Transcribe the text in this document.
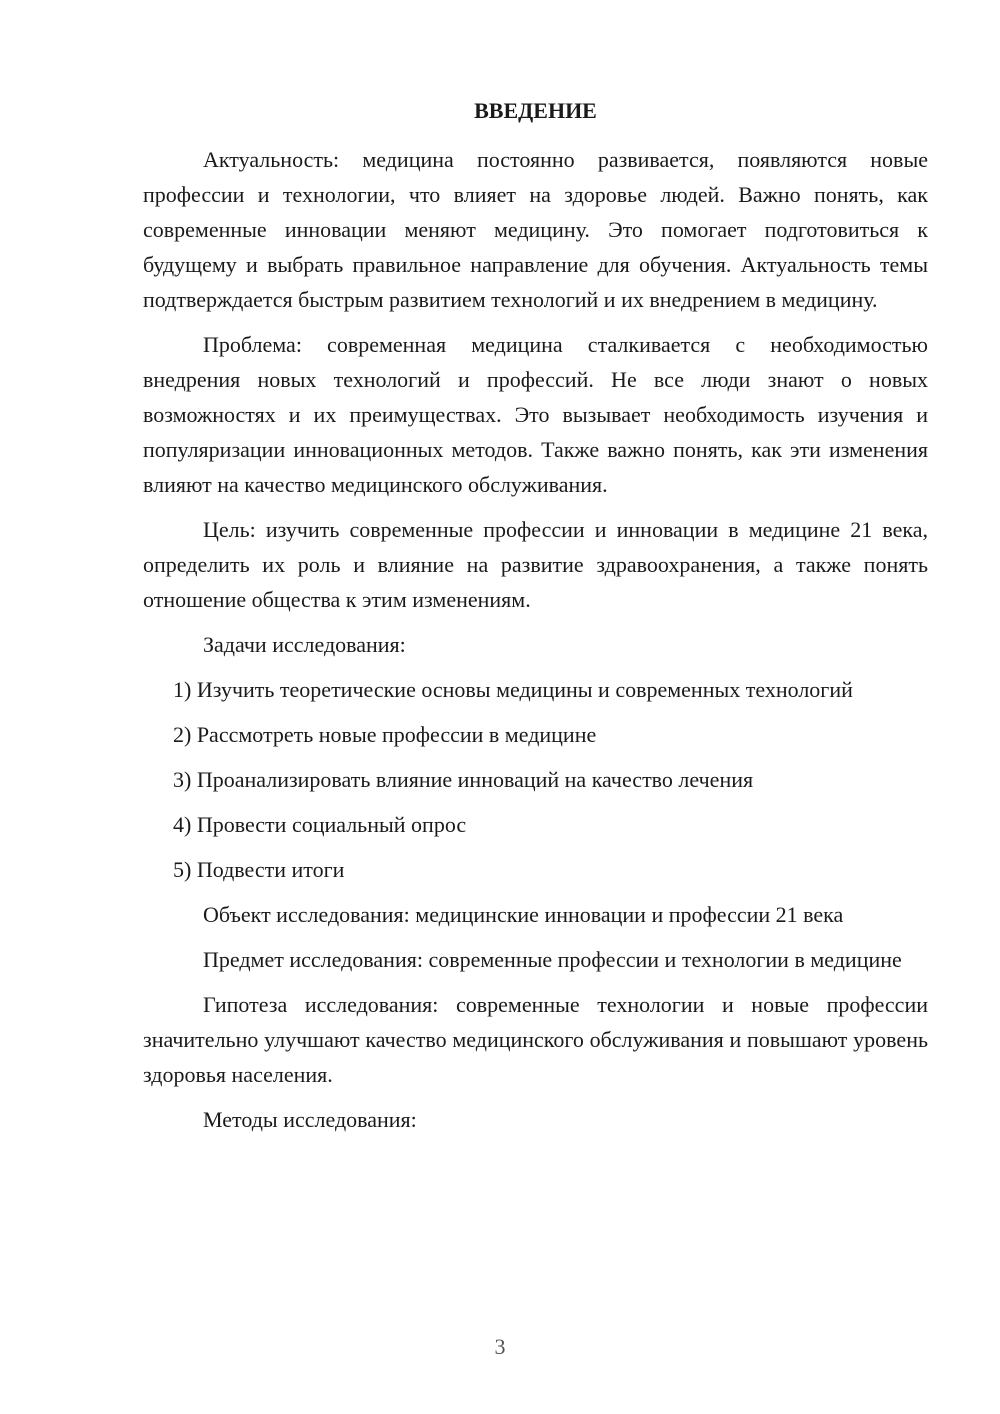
ВВЕДЕНИЕ

Актуальность: медицина постоянно развивается, появляются новые профессии и технологии, что влияет на здоровье людей. Важно понять, как современные инновации меняют медицину. Это помогает подготовиться к будущему и выбрать правильное направление для обучения. Актуальность темы подтверждается быстрым развитием технологий и их внедрением в медицину.

Проблема: современная медицина сталкивается с необходимостью внедрения новых технологий и профессий. Не все люди знают о новых возможностях и их преимуществах. Это вызывает необходимость изучения и популяризации инновационных методов. Также важно понять, как эти изменения влияют на качество медицинского обслуживания.

Цель: изучить современные профессии и инновации в медицине 21 века, определить их роль и влияние на развитие здравоохранения, а также понять отношение общества к этим изменениям.

Задачи исследования:

1) Изучить теоретические основы медицины и современных технологий

2) Рассмотреть новые профессии в медицине

3) Проанализировать влияние инноваций на качество лечения

4) Провести социальный опрос

5) Подвести итоги

Объект исследования: медицинские инновации и профессии 21 века

Предмет исследования: современные профессии и технологии в медицине

Гипотеза исследования: современные технологии и новые профессии значительно улучшают качество медицинского обслуживания и повышают уровень здоровья населения.

Методы исследования:

3
